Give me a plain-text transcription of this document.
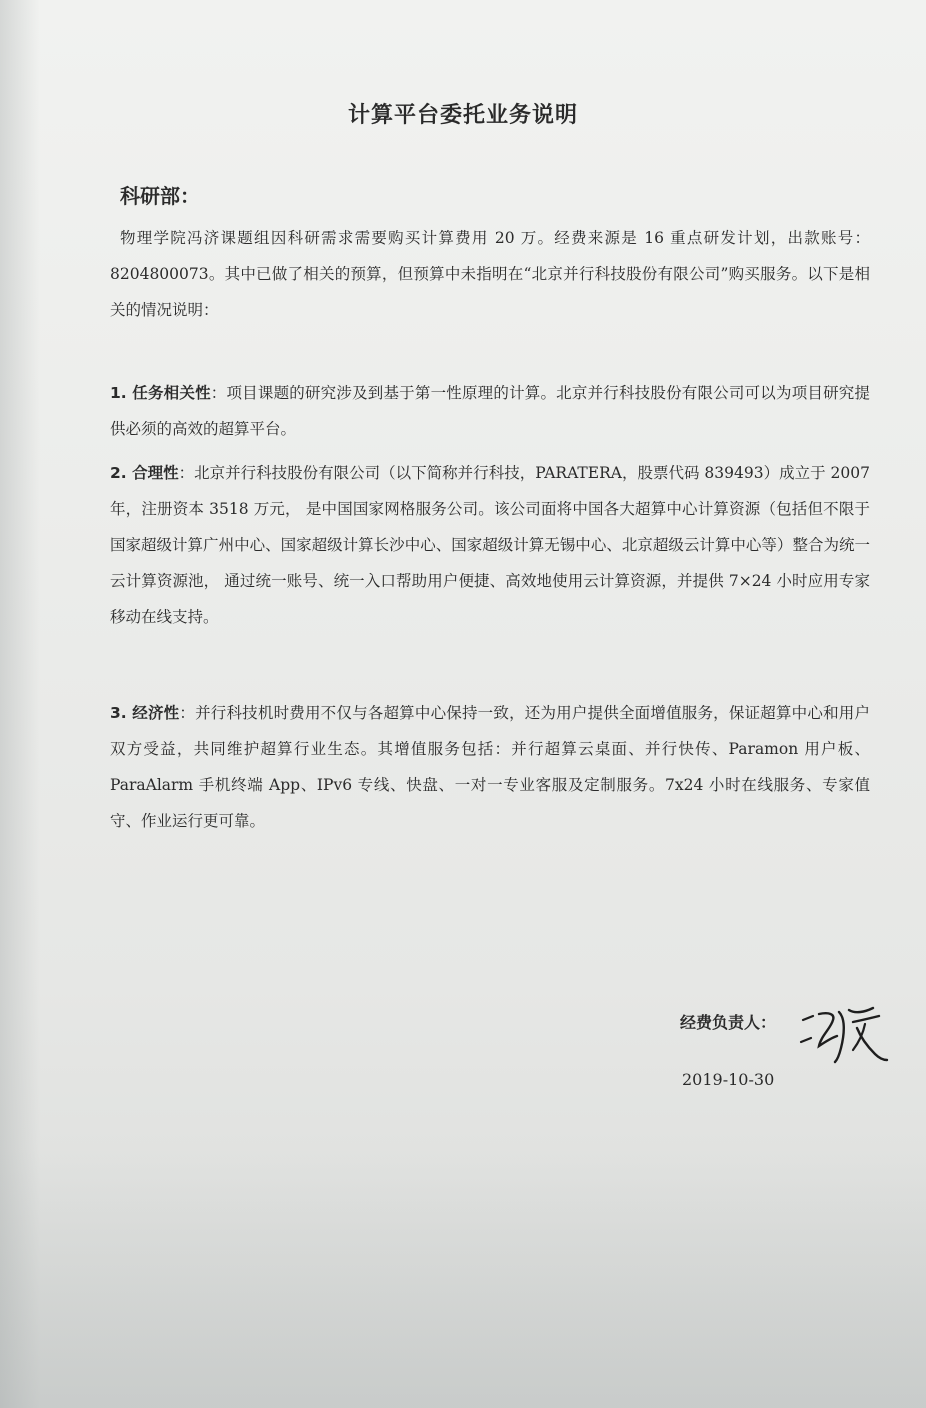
计算平台委托业务说明
科研部：
物理学院冯济课题组因科研需求需要购买计算费用 20 万。经费来源是 16 重点研发计划，出款账号：8204800073。其中已做了相关的预算，但预算中未指明在“北京并行科技股份有限公司”购买服务。以下是相关的情况说明：
1. 任务相关性：项目课题的研究涉及到基于第一性原理的计算。北京并行科技股份有限公司可以为项目研究提供必须的高效的超算平台。
2. 合理性：北京并行科技股份有限公司（以下简称并行科技，PARATERA，股票代码 839493）成立于 2007 年，注册资本 3518 万元， 是中国国家网格服务公司。该公司面将中国各大超算中心计算资源（包括但不限于国家超级计算广州中心、国家超级计算长沙中心、国家超级计算无锡中心、北京超级云计算中心等）整合为统一云计算资源池， 通过统一账号、统一入口帮助用户便捷、高效地使用云计算资源，并提供 7×24 小时应用专家移动在线支持。
3. 经济性：并行科技机时费用不仅与各超算中心保持一致，还为用户提供全面增值服务，保证超算中心和用户双方受益，共同维护超算行业生态。其增值服务包括：并行超算云桌面、并行快传、Paramon 用户板、ParaAlarm 手机终端 App、IPv6 专线、快盘、一对一专业客服及定制服务。7x24 小时在线服务、专家值守、作业运行更可靠。
经费负责人：
2019-10-30
